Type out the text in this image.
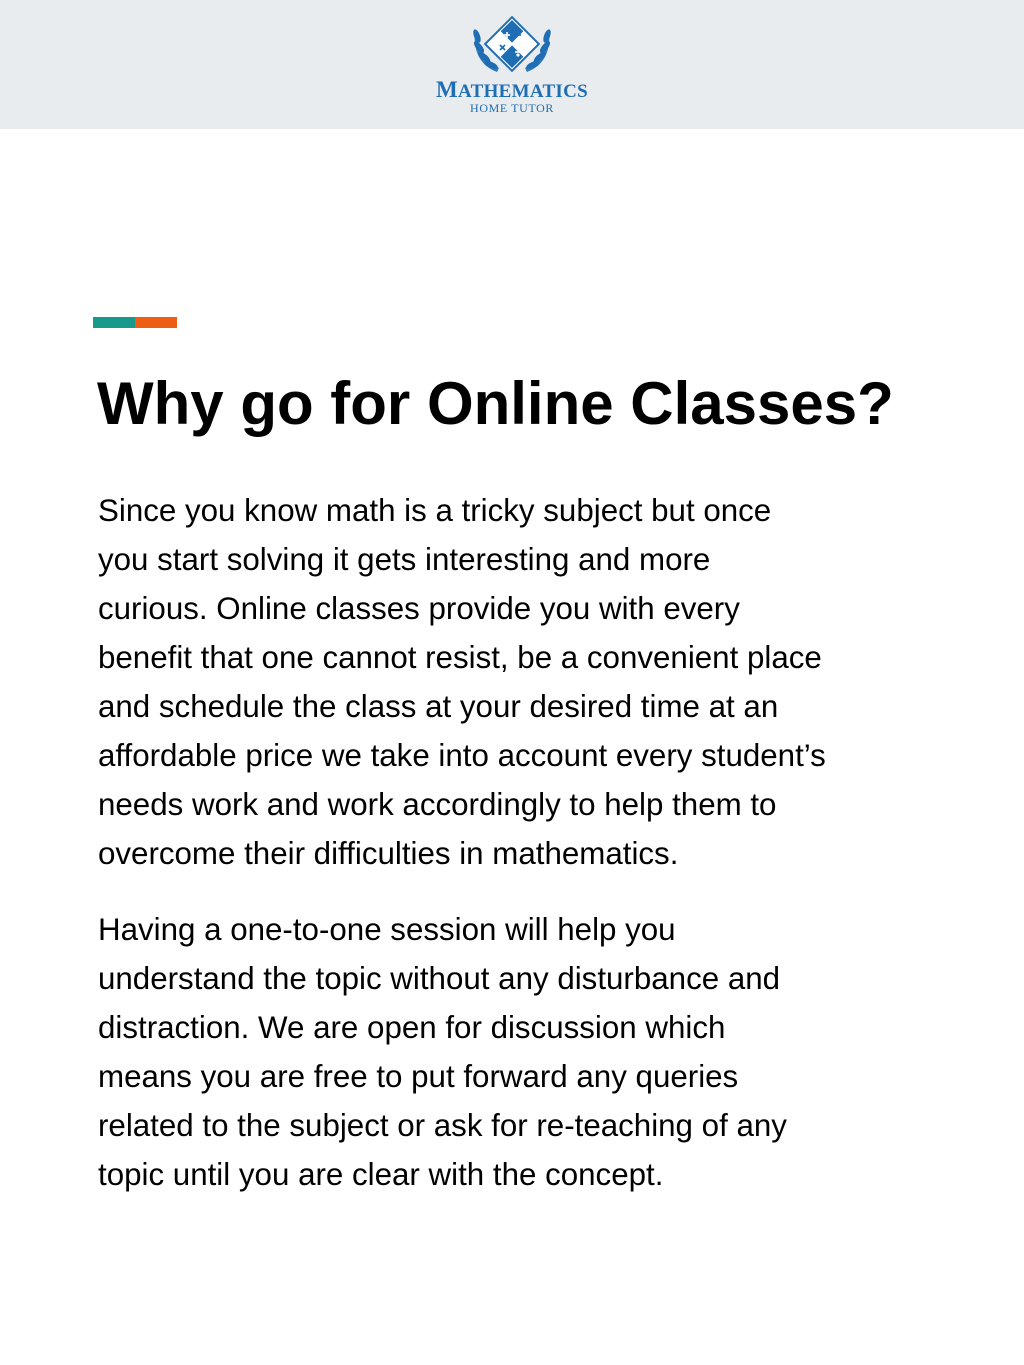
MATHEMATICS
HOME TUTOR
Why go for Online Classes?

Since you know math is a tricky subject but once
you start solving it gets interesting and more
curious. Online classes provide you with every
benefit that one cannot resist, be a convenient place
and schedule the class at your desired time at an
affordable price we take into account every student’s
needs work and work accordingly to help them to
overcome their difficulties in mathematics.

Having a one-to-one session will help you
understand the topic without any disturbance and
distraction. We are open for discussion which
means you are free to put forward any queries
related to the subject or ask for re-teaching of any
topic until you are clear with the concept.
